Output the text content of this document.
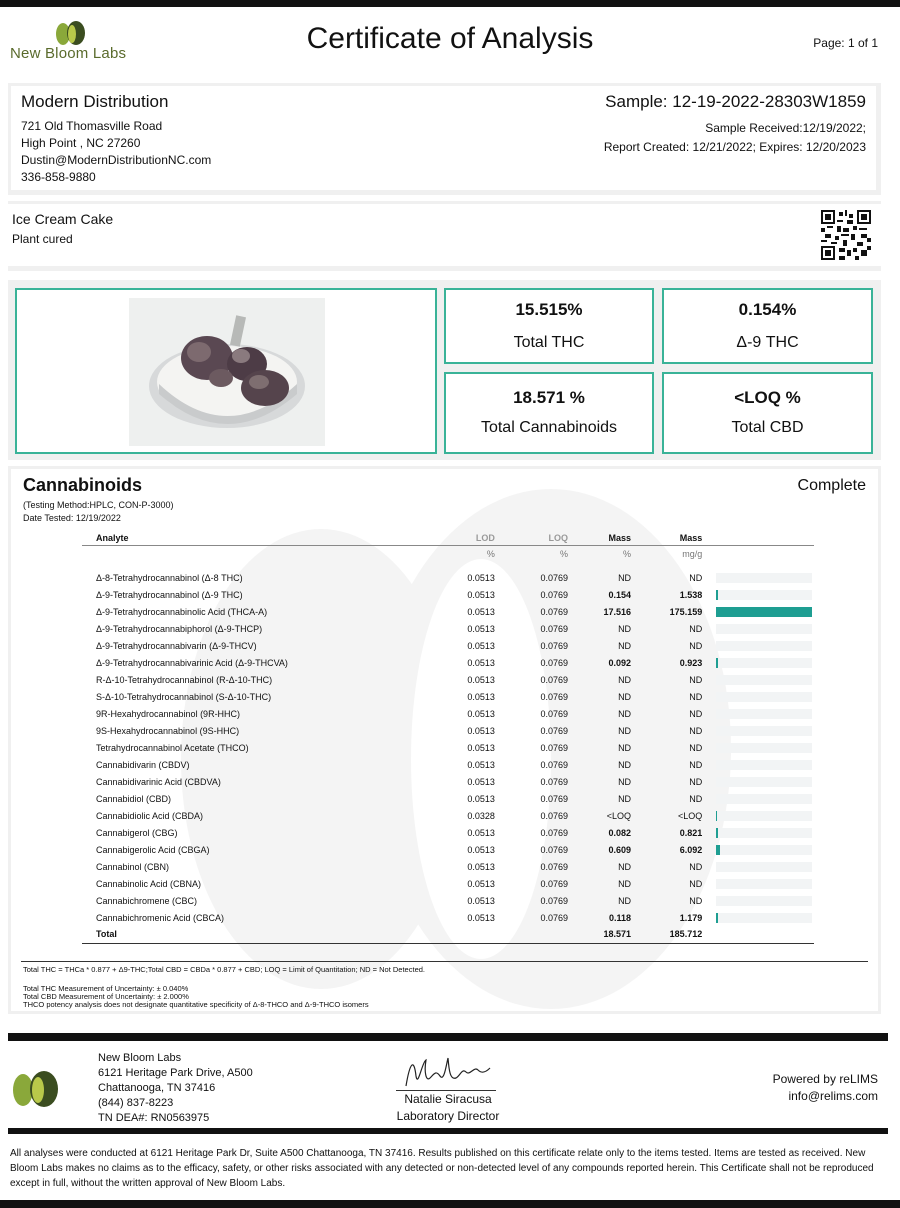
New Bloom Labs	Certificate of Analysis	Page: 1 of 1
Modern Distribution
721 Old Thomasville Road
High Point , NC 27260
Dustin@ModernDistributionNC.com
336-858-9880
Sample: 12-19-2022-28303W1859
Sample Received:12/19/2022;
Report Created: 12/21/2022; Expires: 12/20/2023
Ice Cream Cake
Plant cured
15.515%
Total THC
0.154%
Δ-9 THC
18.571 %
Total Cannabinoids
<LOQ %
Total CBD
Cannabinoids	Complete
(Testing Method:HPLC, CON-P-3000)
Date Tested: 12/19/2022
Analyte	LOD	LOQ	Mass	Mass	
	%	%	%	mg/g	

Δ-8-Tetrahydrocannabinol (Δ-8 THC)	0.0513	0.0769	ND	ND	

Δ-9-Tetrahydrocannabinol (Δ-9 THC)	0.0513	0.0769	0.154	1.538	

Δ-9-Tetrahydrocannabinolic Acid (THCA-A)	0.0513	0.0769	17.516	175.159	

Δ-9-Tetrahydrocannabiphorol (Δ-9-THCP)	0.0513	0.0769	ND	ND	

Δ-9-Tetrahydrocannabivarin (Δ-9-THCV)	0.0513	0.0769	ND	ND	

Δ-9-Tetrahydrocannabivarinic Acid (Δ-9-THCVA)	0.0513	0.0769	0.092	0.923	

R-Δ-10-Tetrahydrocannabinol (R-Δ-10-THC)	0.0513	0.0769	ND	ND	

S-Δ-10-Tetrahydrocannabinol (S-Δ-10-THC)	0.0513	0.0769	ND	ND	

9R-Hexahydrocannabinol (9R-HHC)	0.0513	0.0769	ND	ND	

9S-Hexahydrocannabinol (9S-HHC)	0.0513	0.0769	ND	ND	

Tetrahydrocannabinol Acetate (THCO)	0.0513	0.0769	ND	ND	

Cannabidivarin (CBDV)	0.0513	0.0769	ND	ND	

Cannabidivarinic Acid (CBDVA)	0.0513	0.0769	ND	ND	

Cannabidiol (CBD)	0.0513	0.0769	ND	ND	

Cannabidiolic Acid (CBDA)	0.0328	0.0769	<LOQ	<LOQ	

Cannabigerol (CBG)	0.0513	0.0769	0.082	0.821	

Cannabigerolic Acid (CBGA)	0.0513	0.0769	0.609	6.092	

Cannabinol (CBN)	0.0513	0.0769	ND	ND	

Cannabinolic Acid (CBNA)	0.0513	0.0769	ND	ND	

Cannabichromene (CBC)	0.0513	0.0769	ND	ND	

Cannabichromenic Acid (CBCA)	0.0513	0.0769	0.118	1.179	

Total			18.571	185.712	
Total THC = THCa * 0.877 + Δ9-THC;Total CBD = CBDa * 0.877 + CBD; LOQ = Limit of Quantitation; ND = Not Detected.
Total THC Measurement of Uncertainty: ± 0.040%
Total CBD Measurement of Uncertainty: ± 2.000%
THCO potency analysis does not designate quantitative specificity of Δ-8-THCO and Δ-9-THCO isomers
New Bloom Labs
6121 Heritage Park Drive, A500
Chattanooga, TN 37416
(844) 837-8223
TN DEA#: RN0563975
Natalie Siracusa
Laboratory Director
Powered by reLIMS
info@relims.com
All analyses were conducted at 6121 Heritage Park Dr, Suite A500 Chattanooga, TN 37416. Results published on this certificate relate only to the items tested. Items are tested as received. New Bloom Labs makes no claims as to the efficacy, safety, or other risks associated with any detected or non-detected level of any compounds reported herein. This Certificate shall not be reproduced except in full, without the written approval of New Bloom Labs.
